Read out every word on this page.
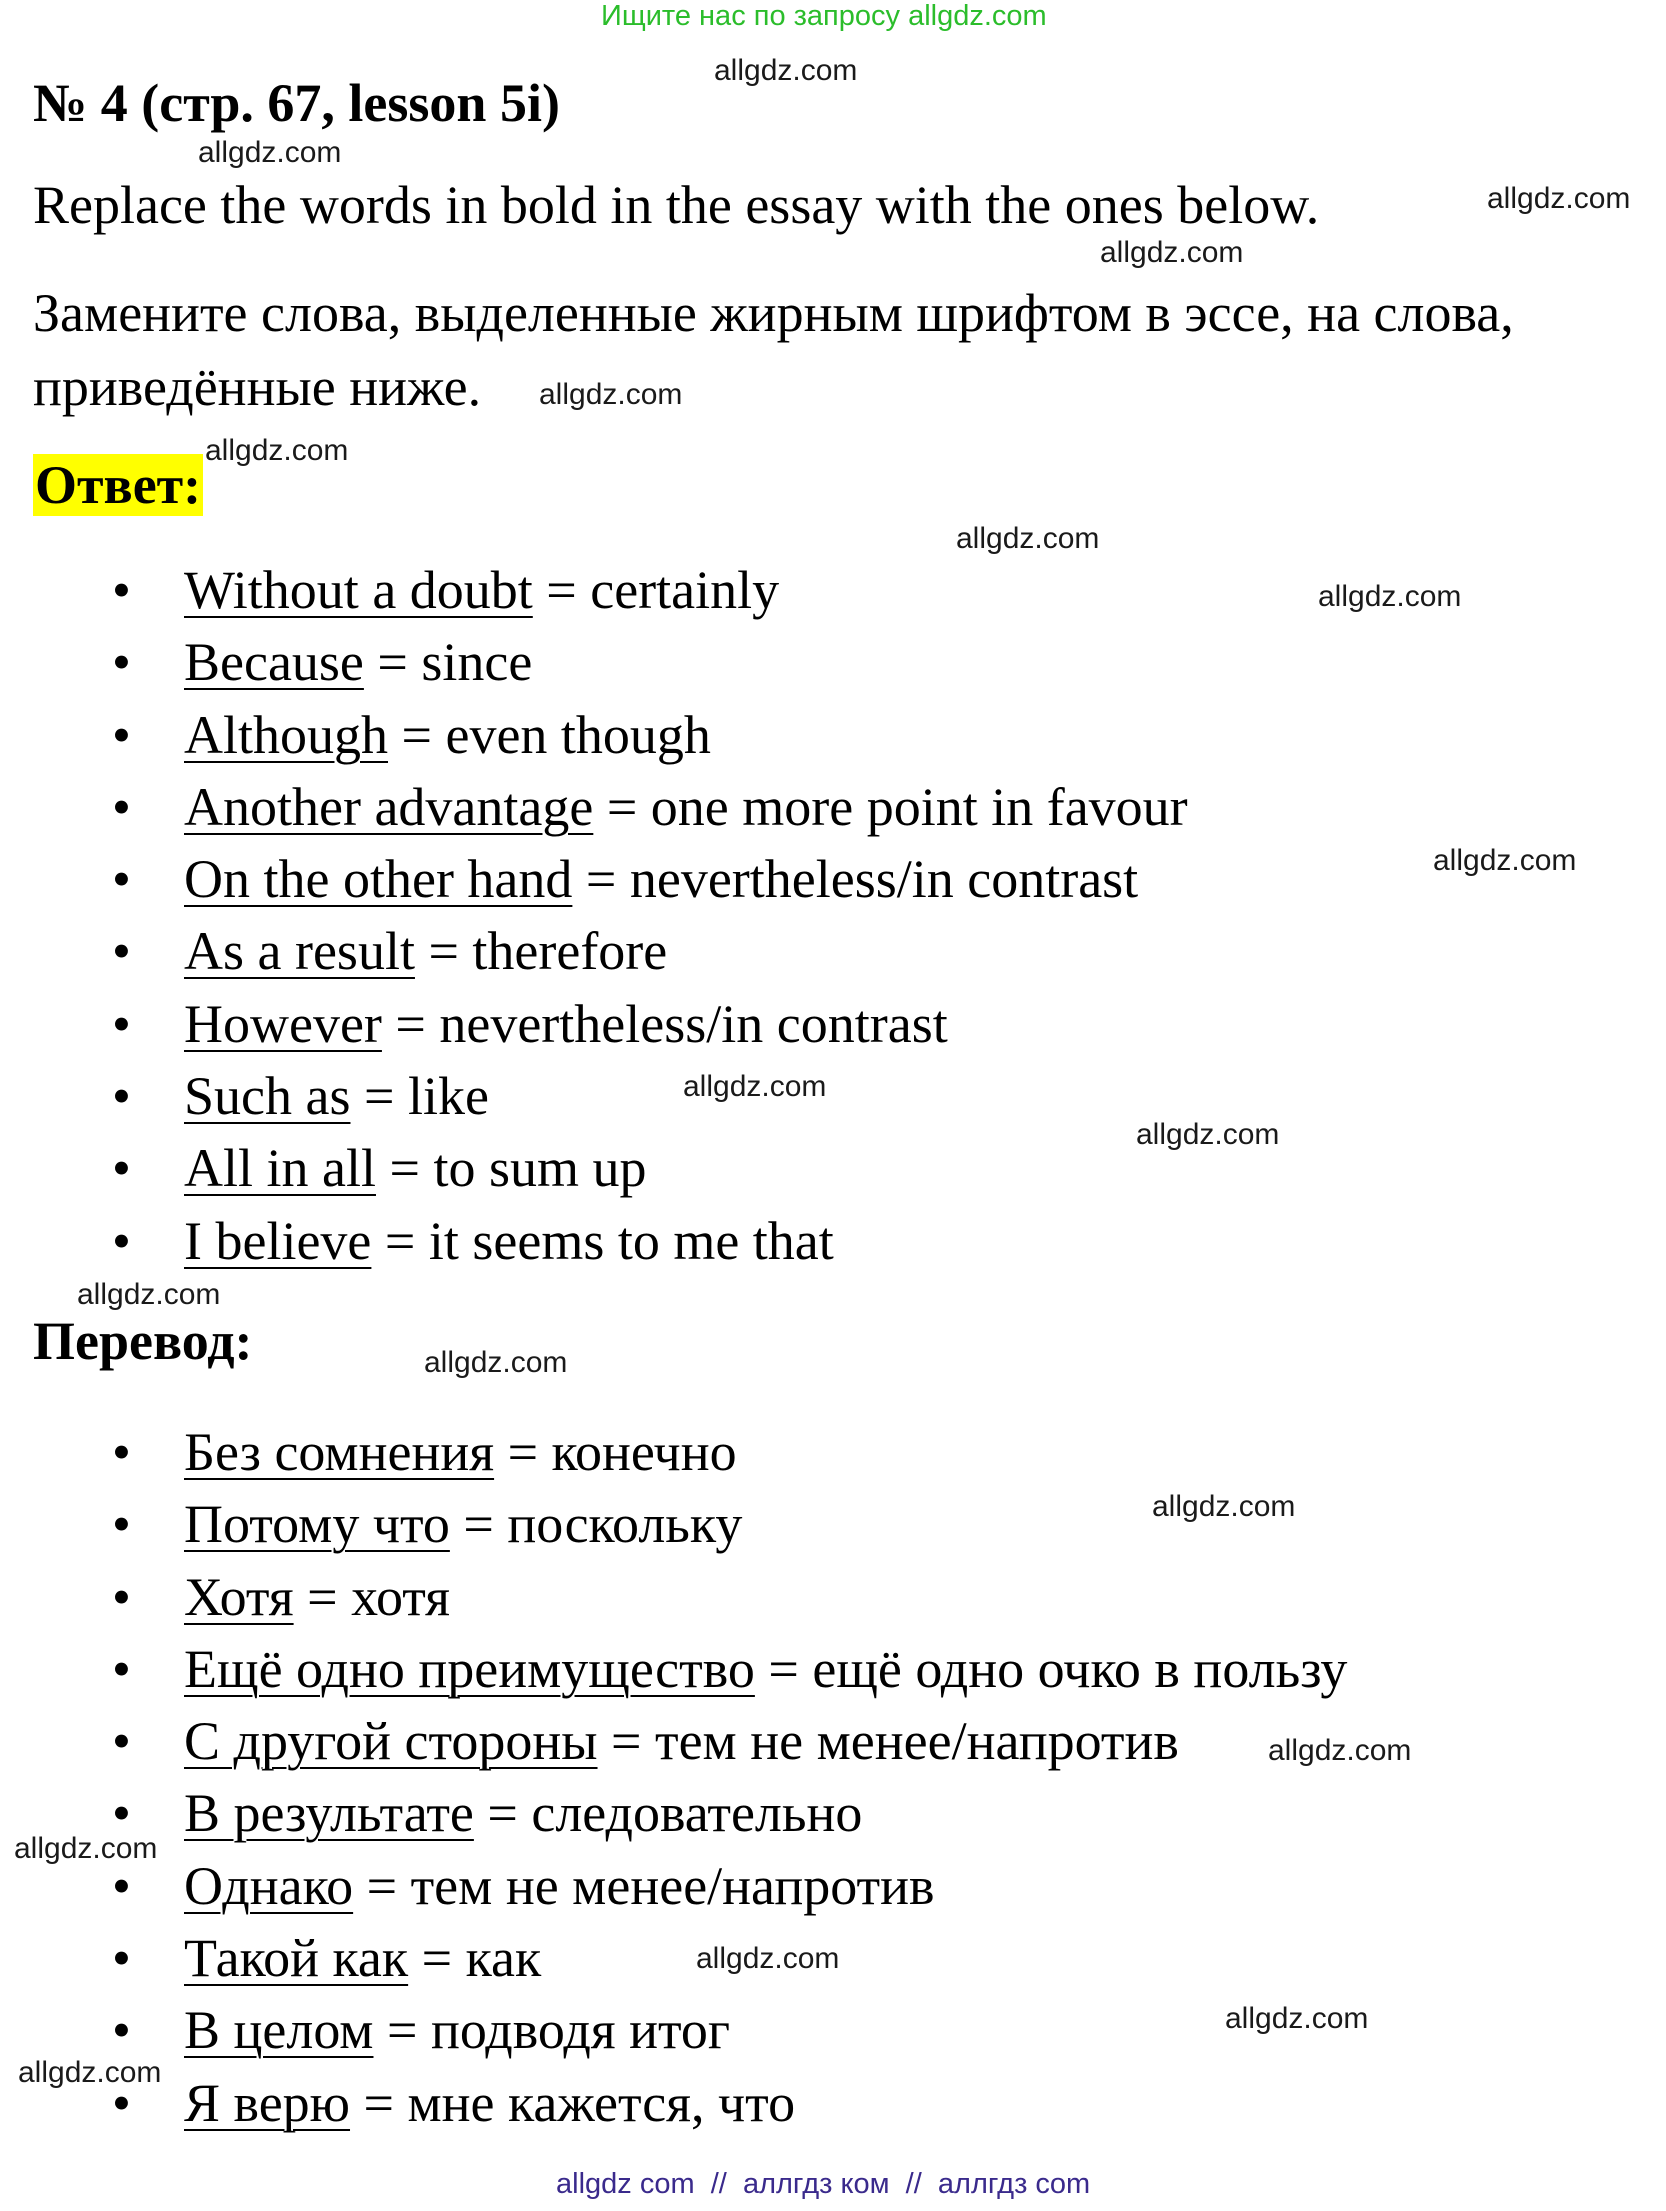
Ищите нас по запросу allgdz.com
№ 4 (стр. 67, lesson 5i)
Replace the words in bold in the essay with the ones below.
Замените слова, выделенные жирным шрифтом в эссе, на слова, приведённые ниже.
Ответ:
• Without a doubt = certainly
• Because = since
• Although = even though
• Another advantage = one more point in favour
• On the other hand = nevertheless/in contrast
• As a result = therefore
• However = nevertheless/in contrast
• Such as = like
• All in all = to sum up
• I believe = it seems to me that
Перевод:
• Без сомнения = конечно
• Потому что = поскольку
• Хотя = хотя
• Ещё одно преимущество = ещё одно очко в пользу
• С другой стороны = тем не менее/напротив
• В результате = следовательно
• Однако = тем не менее/напротив
• Такой как = как
• В целом = подводя итог
• Я верю = мне кажется, что
allgdz.com
allgdz.com
allgdz.com
allgdz.com
allgdz.com
allgdz.com
allgdz.com
allgdz.com
allgdz.com
allgdz.com
allgdz.com
allgdz.com
allgdz.com
allgdz.com
allgdz.com
allgdz.com
allgdz.com
allgdz.com
allgdz.com
allgdz com  //  аллгдз ком  //  аллгдз com
